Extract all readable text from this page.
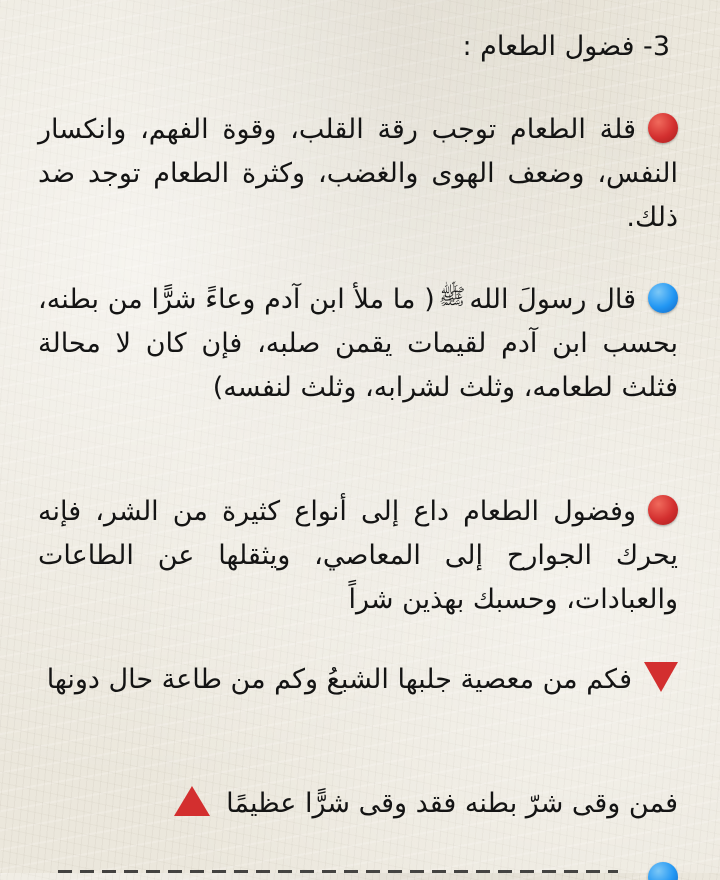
3- فضول الطعام :

قلة الطعام توجب رقة القلب، وقوة الفهم، وانكسار النفس، وضعف الهوى والغضب، وكثرة الطعام توجد ضد ذلك.

قال رسولَ اللهﷺ( ما ملأ ابن آدم وعاءً شرًّا من بطنه، بحسب ابن آدم لقيمات يقمن صلبه، فإن كان لا محالة فثلث لطعامه، وثلث لشرابه، وثلث لنفسه)

وفضول الطعام داع إلى أنواع كثيرة من الشر، فإنه يحرك الجوارح إلى المعاصي، ويثقلها عن الطاعات والعبادات، وحسبك بهذين شراً

فكم من معصية جلبها الشبعُ وكم من طاعة حال دونها

فمن وقى شرّ بطنه فقد وقى شرًّا عظيمًا
